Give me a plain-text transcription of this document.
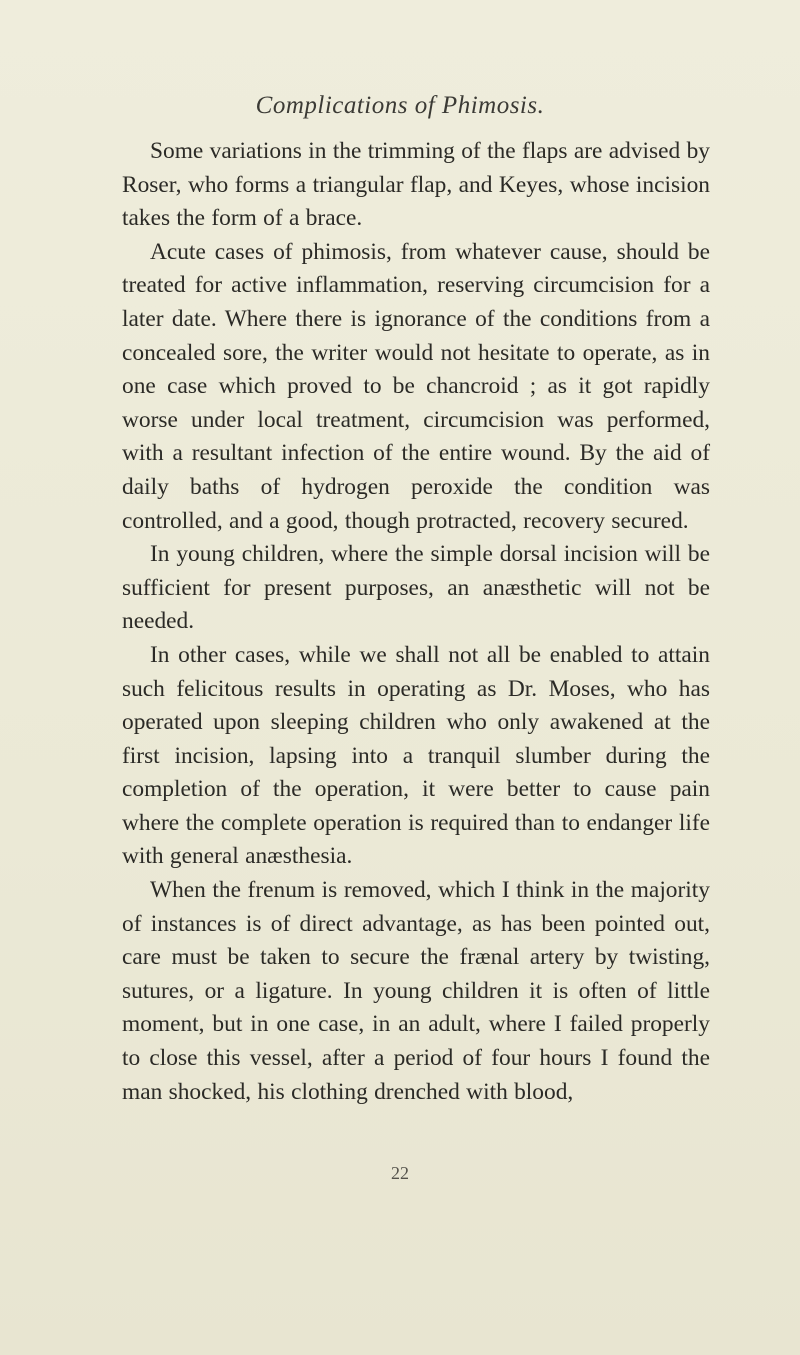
Complications of Phimosis.

Some variations in the trimming of the flaps are advised by Roser, who forms a triangular flap, and Keyes, whose incision takes the form of a brace.

Acute cases of phimosis, from whatever cause, should be treated for active inflammation, reserving circumcision for a later date. Where there is ignorance of the conditions from a concealed sore, the writer would not hesitate to operate, as in one case which proved to be chancroid ; as it got rapidly worse under local treatment, circumcision was performed, with a resultant infection of the entire wound. By the aid of daily baths of hydrogen peroxide the condition was controlled, and a good, though protracted, recovery secured.

In young children, where the simple dorsal incision will be sufficient for present purposes, an anæsthetic will not be needed.

In other cases, while we shall not all be enabled to attain such felicitous results in operating as Dr. Moses, who has operated upon sleeping children who only awakened at the first incision, lapsing into a tranquil slumber during the completion of the operation, it were better to cause pain where the complete operation is required than to endanger life with general anæsthesia.

When the frenum is removed, which I think in the majority of instances is of direct advantage, as has been pointed out, care must be taken to secure the frænal artery by twisting, sutures, or a ligature. In young children it is often of little moment, but in one case, in an adult, where I failed properly to close this vessel, after a period of four hours I found the man shocked, his clothing drenched with blood,

22
